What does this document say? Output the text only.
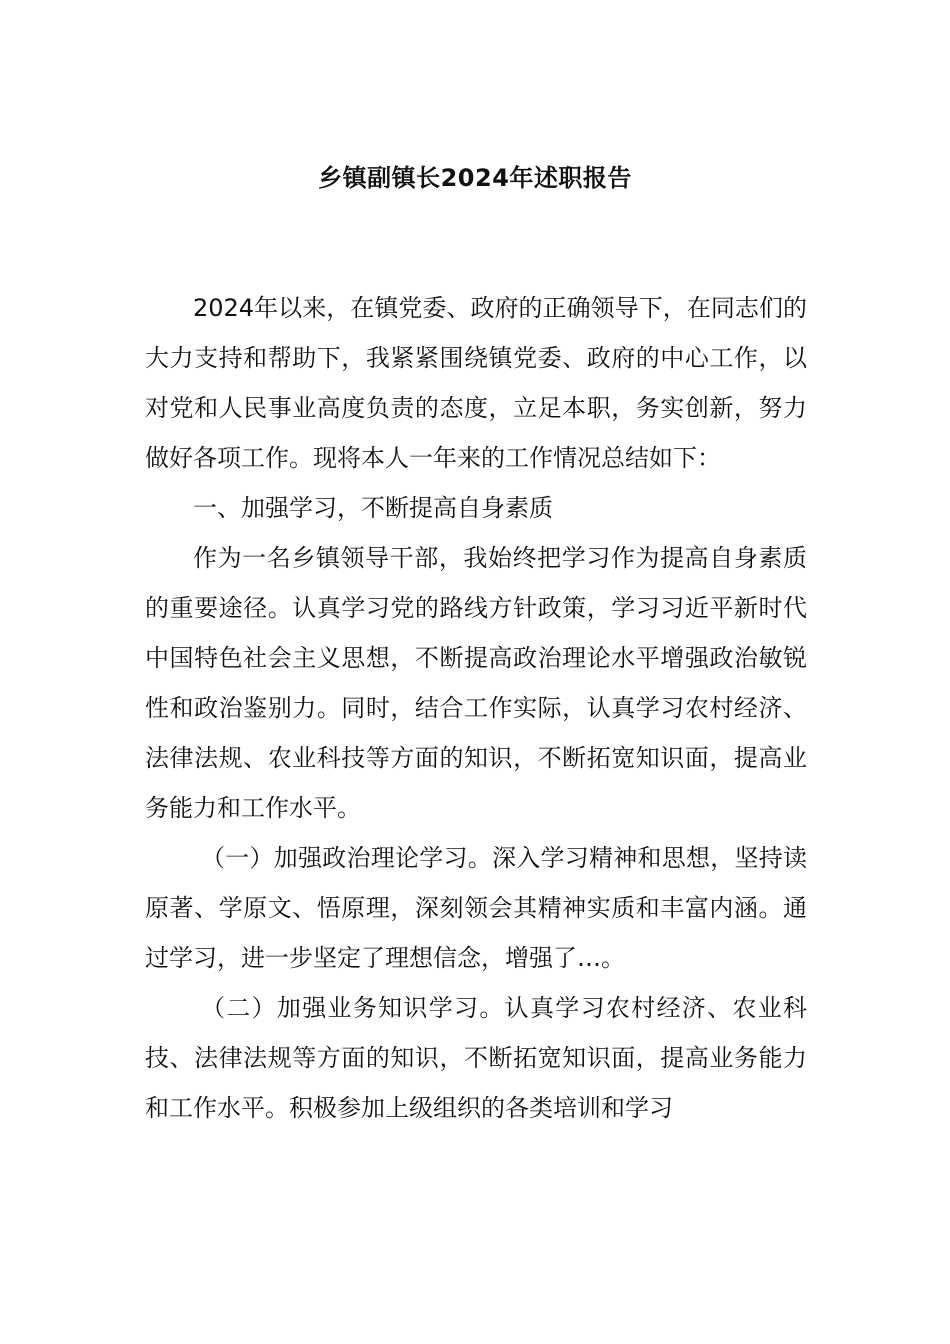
乡镇副镇长2024年述职报告

2024年以来，在镇党委、政府的正确领导下，在同志们的大力支持和帮助下，我紧紧围绕镇党委、政府的中心工作，以对党和人民事业高度负责的态度，立足本职，务实创新，努力做好各项工作。现将本人一年来的工作情况总结如下：

一、加强学习，不断提高自身素质

作为一名乡镇领导干部，我始终把学习作为提高自身素质的重要途径。认真学习党的路线方针政策，学习习近平新时代中国特色社会主义思想，不断提高政治理论水平增强政治敏锐性和政治鉴别力。同时，结合工作实际，认真学习农村经济、法律法规、农业科技等方面的知识，不断拓宽知识面，提高业务能力和工作水平。

（一）加强政治理论学习。深入学习精神和思想，坚持读原著、学原文、悟原理，深刻领会其精神实质和丰富内涵。通过学习，进一步坚定了理想信念，增强了…。

（二）加强业务知识学习。认真学习农村经济、农业科技、法律法规等方面的知识，不断拓宽知识面，提高业务能力和工作水平。积极参加上级组织的各类培训和学习
